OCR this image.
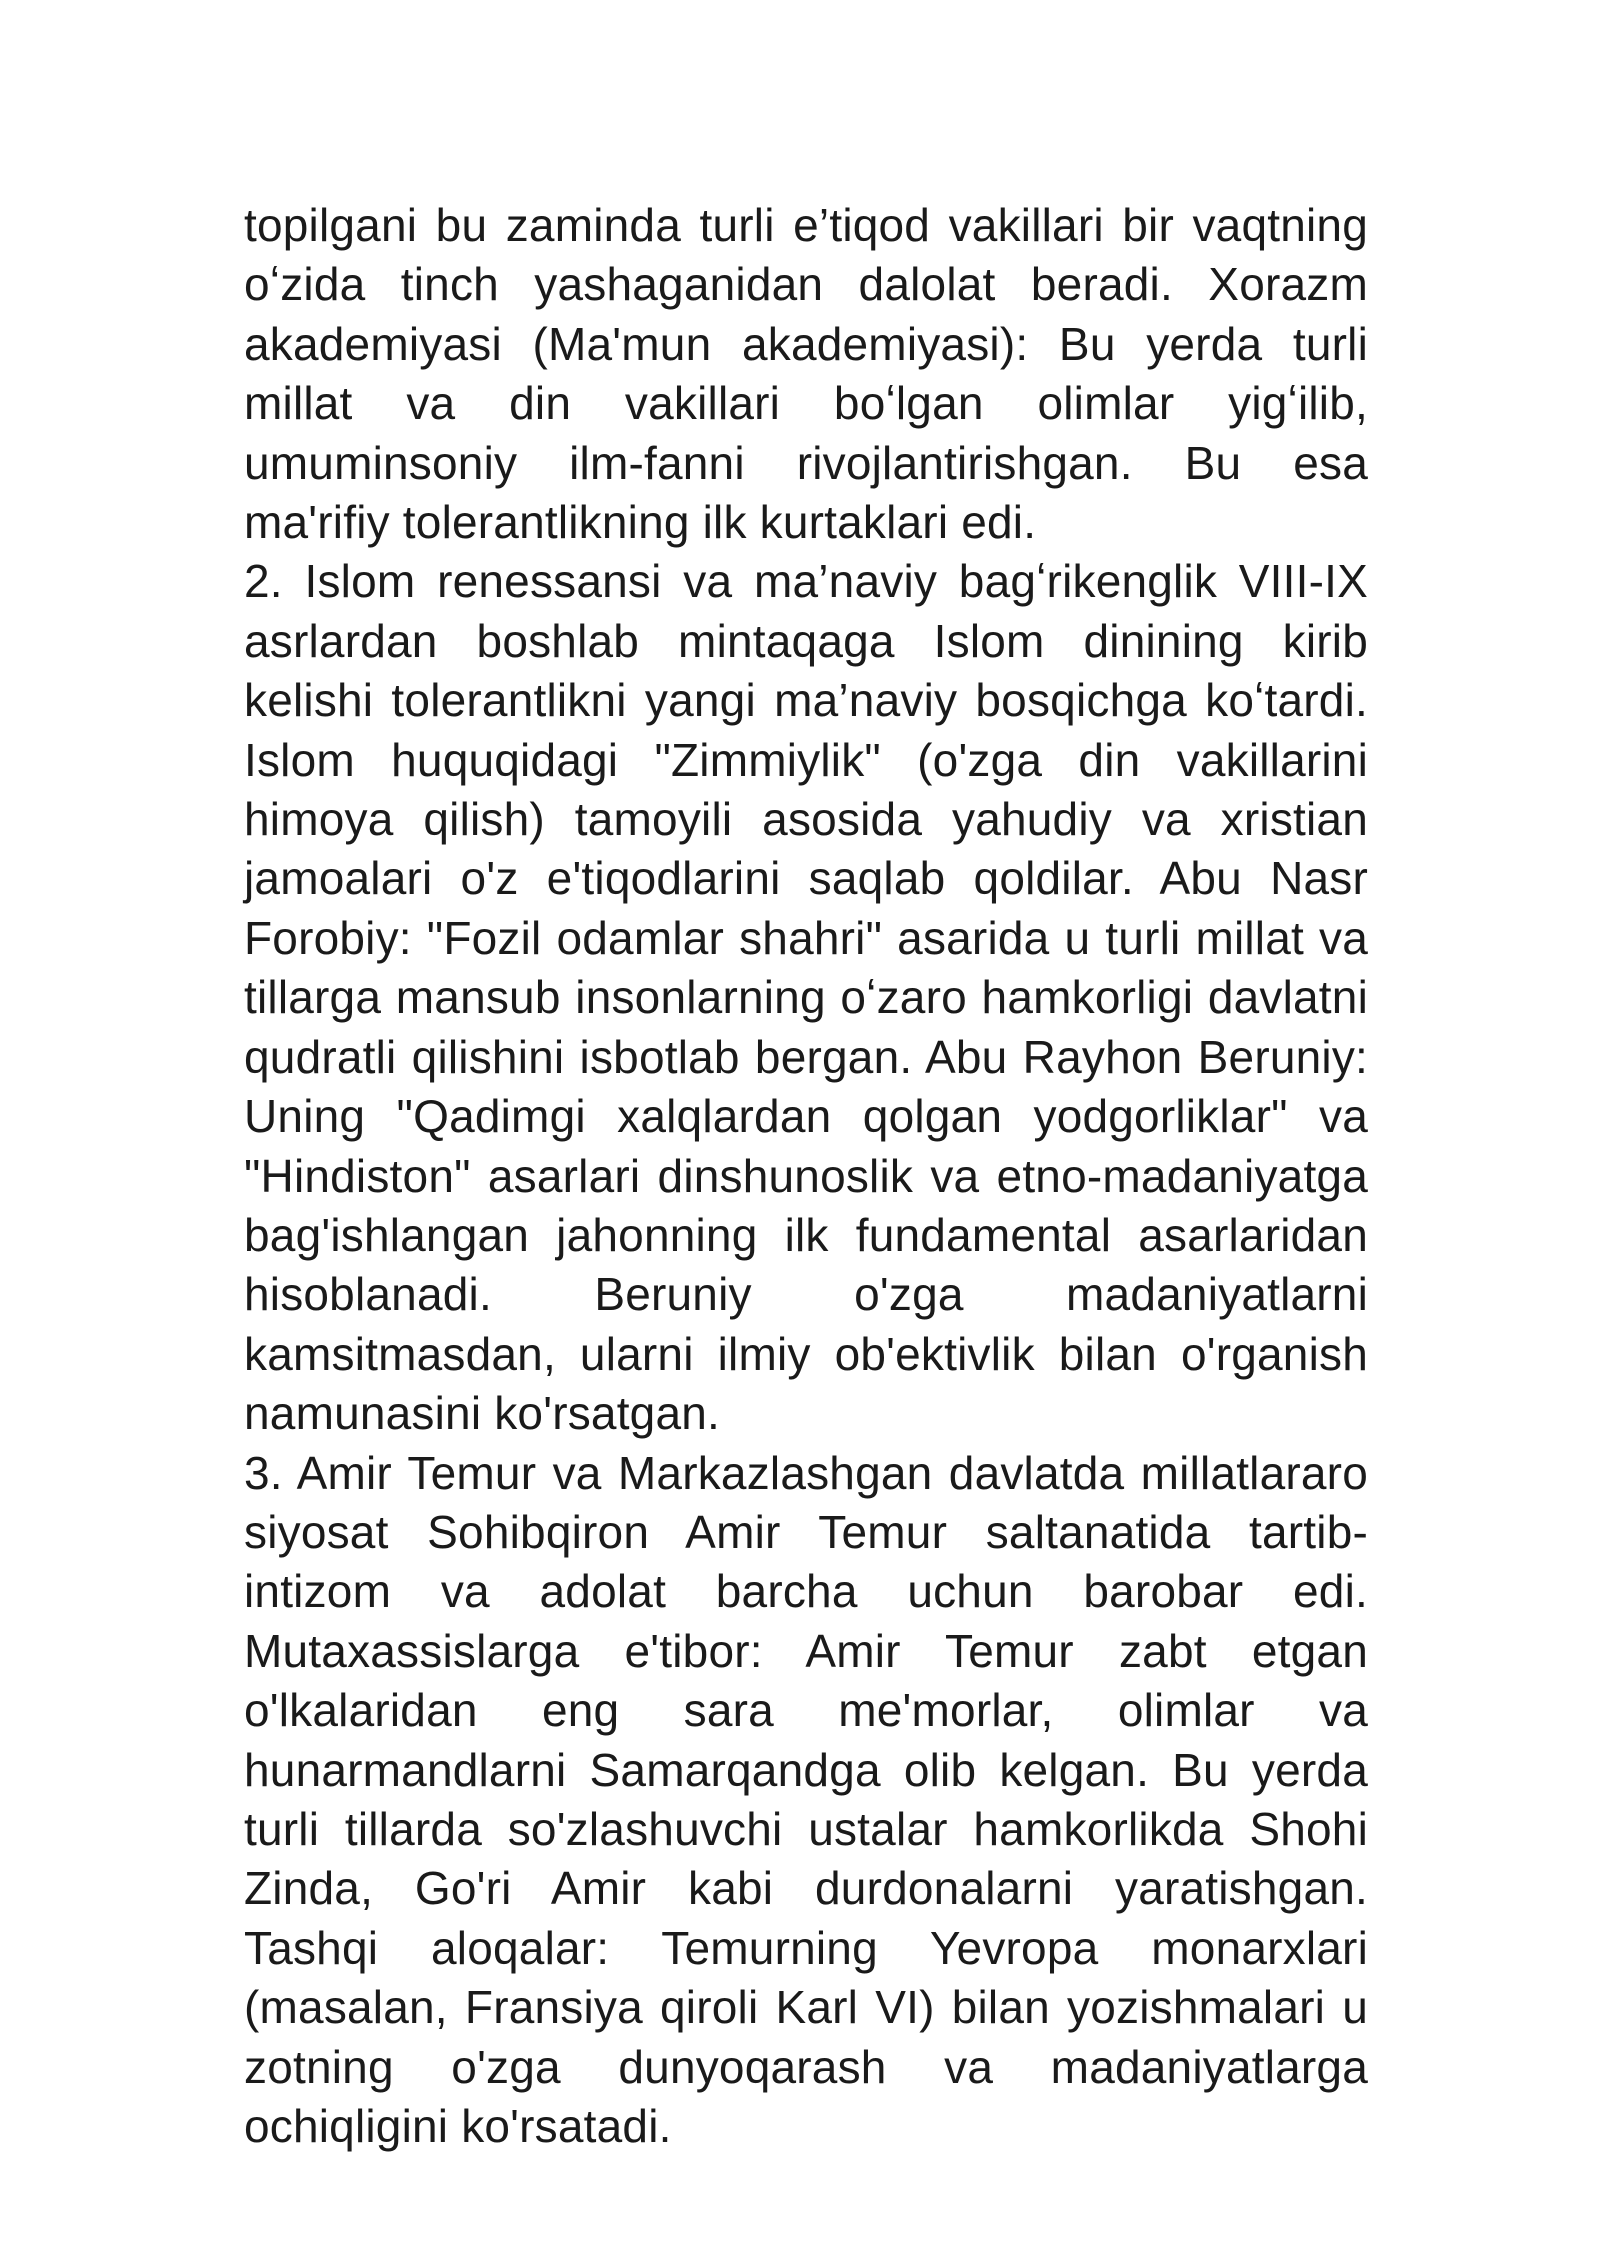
topilgani bu zaminda turli e’tiqod vakillari bir vaqtning oʻzida tinch yashaganidan dalolat beradi. Xorazm akademiyasi (Ma'mun akademiyasi): Bu yerda turli millat va din vakillari boʻlgan olimlar yigʻilib, umuminsoniy ilm-fanni rivojlantirishgan. Bu esa ma'rifiy tolerantlikning ilk kurtaklari edi.

2. Islom renessansi va ma’naviy bagʻrikenglik VIII-IX asrlardan boshlab mintaqaga Islom dinining kirib kelishi tolerantlikni yangi ma’naviy bosqichga koʻtardi. Islom huquqidagi "Zimmiylik" (o'zga din vakillarini himoya qilish) tamoyili asosida yahudiy va xristian jamoalari o'z e'tiqodlarini saqlab qoldilar. Abu Nasr Forobiy: "Fozil odamlar shahri" asarida u turli millat va tillarga mansub insonlarning oʻzaro hamkorligi davlatni qudratli qilishini isbotlab bergan. Abu Rayhon Beruniy: Uning "Qadimgi xalqlardan qolgan yodgorliklar" va "Hindiston" asarlari dinshunoslik va etno-madaniyatga bag'ishlangan jahonning ilk fundamental asarlaridan hisoblanadi. Beruniy o'zga madaniyatlarni kamsitmasdan, ularni ilmiy ob'ektivlik bilan o'rganish namunasini ko'rsatgan.

3. Amir Temur va Markazlashgan davlatda millatlararo siyosat Sohibqiron Amir Temur saltanatida tartib-intizom va adolat barcha uchun barobar edi. Mutaxassislarga e'tibor: Amir Temur zabt etgan o'lkalaridan eng sara me'morlar, olimlar va hunarmandlarni Samarqandga olib kelgan. Bu yerda turli tillarda so'zlashuvchi ustalar hamkorlikda Shohi Zinda, Go'ri Amir kabi durdonalarni yaratishgan. Tashqi aloqalar: Temurning Yevropa monarxlari (masalan, Fransiya qiroli Karl VI) bilan yozishmalari u zotning o'zga dunyoqarash va madaniyatlarga ochiqligini ko'rsatadi.
